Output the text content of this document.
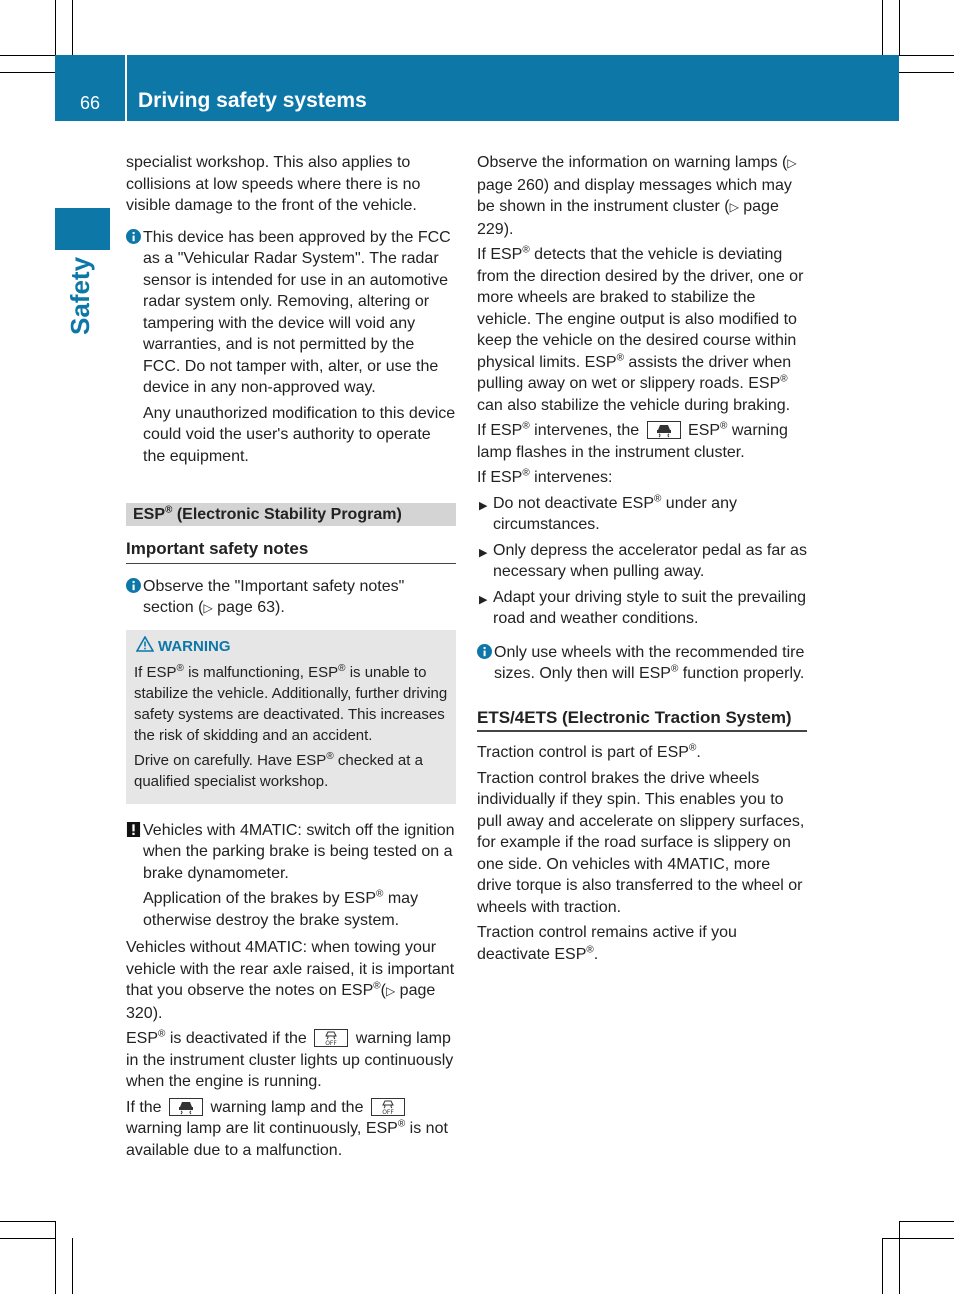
66	Driving safety systems
Safety

specialist workshop. This also applies to collisions at low speeds where there is no visible damage to the front of the vehicle.

This device has been approved by the FCC as a "Vehicular Radar System". The radar sensor is intended for use in an automotive radar system only. Removing, altering or tampering with the device will void any warranties, and is not permitted by the FCC. Do not tamper with, alter, or use the device in any non-approved way.

Any unauthorized modification to this device could void the user's authority to operate the equipment.

ESP® (Electronic Stability Program)
Important safety notes

Observe the "Important safety notes" section (▷ page 63).

WARNING

If ESP® is malfunctioning, ESP® is unable to stabilize the vehicle. Additionally, further driving safety systems are deactivated. This increases the risk of skidding and an accident.

Drive on carefully. Have ESP® checked at a qualified specialist workshop.

Vehicles with 4MATIC: switch off the ignition when the parking brake is being tested on a brake dynamometer.

Application of the brakes by ESP® may otherwise destroy the brake system.

Vehicles without 4MATIC: when towing your vehicle with the rear axle raised, it is important that you observe the notes on ESP®(▷ page 320).

ESP® is deactivated if the OFF warning lamp in the instrument cluster lights up continuously when the engine is running.

If the	warning lamp and the OFF
warning lamp are lit continuously, ESP® is not available due to a malfunction.

Observe the information on warning lamps (▷ page 260) and display messages which may be shown in the instrument cluster (▷ page 229).

If ESP® detects that the vehicle is deviating from the direction desired by the driver, one or more wheels are braked to stabilize the vehicle. The engine output is also modified to keep the vehicle on the desired course within physical limits. ESP® assists the driver when pulling away on wet or slippery roads. ESP® can also stabilize the vehicle during braking.

If ESP® intervenes, the	ESP® warning lamp flashes in the instrument cluster.

If ESP® intervenes:

▶ Do not deactivate ESP® under any circumstances.
▶ Only depress the accelerator pedal as far as necessary when pulling away.
▶ Adapt your driving style to suit the prevailing road and weather conditions.

Only use wheels with the recommended tire sizes. Only then will ESP® function properly.

ETS/4ETS (Electronic Traction System)

Traction control is part of ESP®.

Traction control brakes the drive wheels individually if they spin. This enables you to pull away and accelerate on slippery surfaces, for example if the road surface is slippery on one side. On vehicles with 4MATIC, more drive torque is also transferred to the wheel or wheels with traction.

Traction control remains active if you deactivate ESP®.
